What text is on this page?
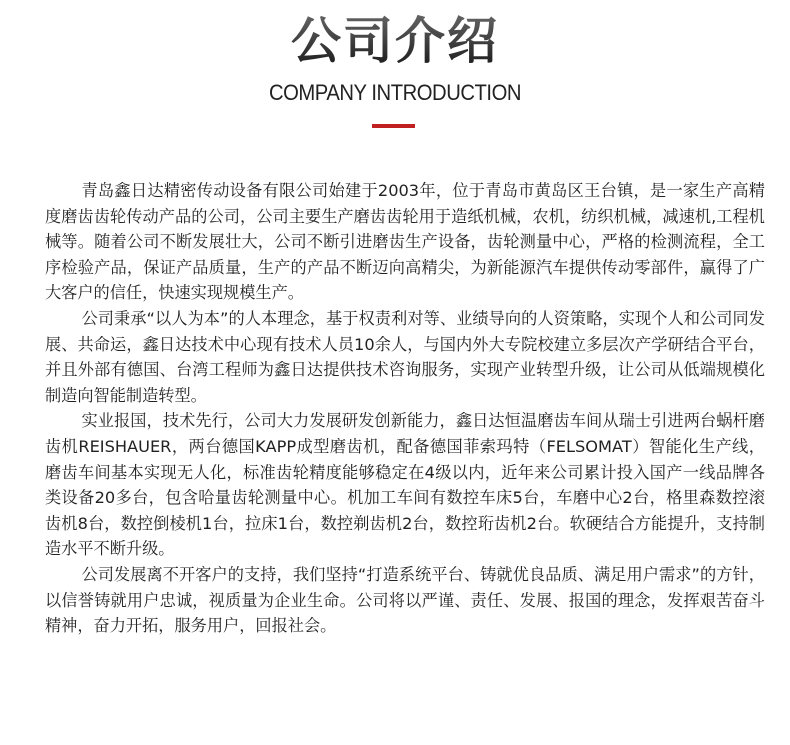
公司介绍
COMPANY INTRODUCTION

青岛鑫日达精密传动设备有限公司始建于2003年，位于青岛市黄岛区王台镇，是一家生产高精度磨齿齿轮传动产品的公司，公司主要生产磨齿齿轮用于造纸机械，农机，纺织机械，减速机,工程机械等。随着公司不断发展壮大，公司不断引进磨齿生产设备，齿轮测量中心，严格的检测流程，全工序检验产品，保证产品质量，生产的产品不断迈向高精尖，为新能源汽车提供传动零部件，赢得了广大客户的信任，快速实现规模生产。

公司秉承“以人为本”的人本理念，基于权责利对等、业绩导向的人资策略，实现个人和公司同发展、共命运，鑫日达技术中心现有技术人员10余人，与国内外大专院校建立多层次产学研结合平台，并且外部有德国、台湾工程师为鑫日达提供技术咨询服务，实现产业转型升级，让公司从低端规模化制造向智能制造转型。

实业报国，技术先行，公司大力发展研发创新能力，鑫日达恒温磨齿车间从瑞士引进两台蜗杆磨齿机REISHAUER，两台德国KAPP成型磨齿机，配备德国菲索玛特（FELSOMAT）智能化生产线，磨齿车间基本实现无人化，标准齿轮精度能够稳定在4级以内，近年来公司累计投入国产一线品牌各类设备20多台，包含哈量齿轮测量中心。机加工车间有数控车床5台，车磨中心2台，格里森数控滚齿机8台，数控倒棱机1台，拉床1台，数控剃齿机2台，数控珩齿机2台。软硬结合方能提升，支持制造水平不断升级。

公司发展离不开客户的支持，我们坚持“打造系统平台、铸就优良品质、满足用户需求”的方针，以信誉铸就用户忠诚，视质量为企业生命。公司将以严谨、责任、发展、报国的理念，发挥艰苦奋斗精神，奋力开拓，服务用户，回报社会。
